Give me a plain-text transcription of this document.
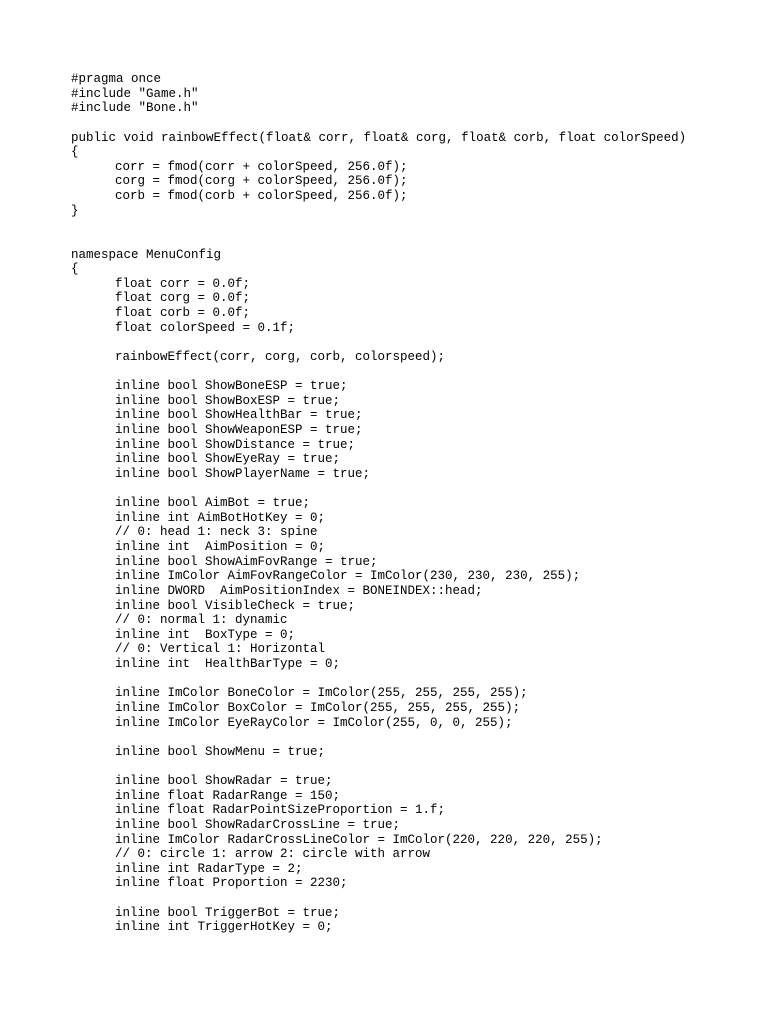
#pragma once
#include "Game.h"
#include "Bone.h"
public void rainbowEffect(float& corr, float& corg, float& corb, float colorSpeed)
{
corr = fmod(corr + colorSpeed, 256.0f);
corg = fmod(corg + colorSpeed, 256.0f);
corb = fmod(corb + colorSpeed, 256.0f);
}
namespace MenuConfig
{
float corr = 0.0f;
float corg = 0.0f;
float corb = 0.0f;
float colorSpeed = 0.1f;
rainbowEffect(corr, corg, corb, colorspeed);
inline bool ShowBoneESP = true;
inline bool ShowBoxESP = true;
inline bool ShowHealthBar = true;
inline bool ShowWeaponESP = true;
inline bool ShowDistance = true;
inline bool ShowEyeRay = true;
inline bool ShowPlayerName = true;
inline bool AimBot = true;
inline int AimBotHotKey = 0;
// 0: head 1: neck 3: spine
inline int  AimPosition = 0;
inline bool ShowAimFovRange = true;
inline ImColor AimFovRangeColor = ImColor(230, 230, 230, 255);
inline DWORD  AimPositionIndex = BONEINDEX::head;
inline bool VisibleCheck = true;
// 0: normal 1: dynamic
inline int  BoxType = 0;
// 0: Vertical 1: Horizontal
inline int  HealthBarType = 0;
inline ImColor BoneColor = ImColor(255, 255, 255, 255);
inline ImColor BoxColor = ImColor(255, 255, 255, 255);
inline ImColor EyeRayColor = ImColor(255, 0, 0, 255);
inline bool ShowMenu = true;
inline bool ShowRadar = true;
inline float RadarRange = 150;
inline float RadarPointSizeProportion = 1.f;
inline bool ShowRadarCrossLine = true;
inline ImColor RadarCrossLineColor = ImColor(220, 220, 220, 255);
// 0: circle 1: arrow 2: circle with arrow
inline int RadarType = 2;
inline float Proportion = 2230;
inline bool TriggerBot = true;
inline int TriggerHotKey = 0;
